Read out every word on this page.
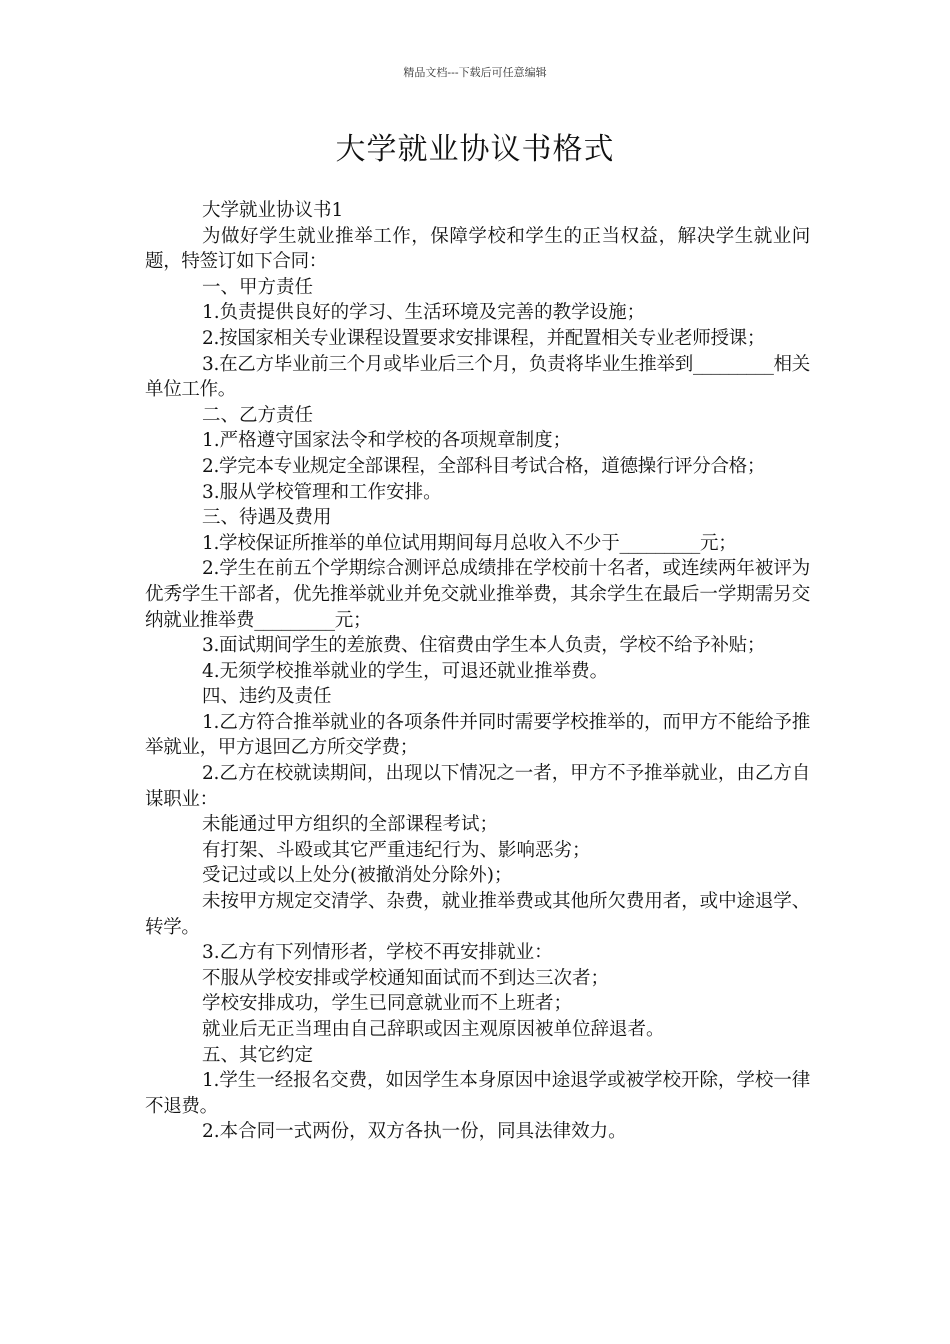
精品文档---下载后可任意编辑
大学就业协议书格式

大学就业协议书1

为做好学生就业推举工作，保障学校和学生的正当权益，解决学生就业问题，特签订如下合同：

一、甲方责任

1.负责提供良好的学习、生活环境及完善的教学设施；

2.按国家相关专业课程设置要求安排课程，并配置相关专业老师授课；

3.在乙方毕业前三个月或毕业后三个月，负责将毕业生推举到_________相关单位工作。

二、乙方责任

1.严格遵守国家法令和学校的各项规章制度；

2.学完本专业规定全部课程，全部科目考试合格，道德操行评分合格；

3.服从学校管理和工作安排。

三、待遇及费用

1.学校保证所推举的单位试用期间每月总收入不少于_________元；

2.学生在前五个学期综合测评总成绩排在学校前十名者，或连续两年被评为优秀学生干部者，优先推举就业并免交就业推举费，其余学生在最后一学期需另交纳就业推举费_________元；

3.面试期间学生的差旅费、住宿费由学生本人负责，学校不给予补贴；

4.无须学校推举就业的学生，可退还就业推举费。

四、违约及责任

1.乙方符合推举就业的各项条件并同时需要学校推举的，而甲方不能给予推举就业，甲方退回乙方所交学费；

2.乙方在校就读期间，出现以下情况之一者，甲方不予推举就业，由乙方自谋职业：

未能通过甲方组织的全部课程考试；

有打架、斗殴或其它严重违纪行为、影响恶劣；

受记过或以上处分(被撤消处分除外)；

未按甲方规定交清学、杂费，就业推举费或其他所欠费用者，或中途退学、转学。

3.乙方有下列情形者，学校不再安排就业：

不服从学校安排或学校通知面试而不到达三次者；

学校安排成功，学生已同意就业而不上班者；

就业后无正当理由自己辞职或因主观原因被单位辞退者。

五、其它约定

1.学生一经报名交费，如因学生本身原因中途退学或被学校开除，学校一律不退费。

2.本合同一式两份，双方各执一份，同具法律效力。
